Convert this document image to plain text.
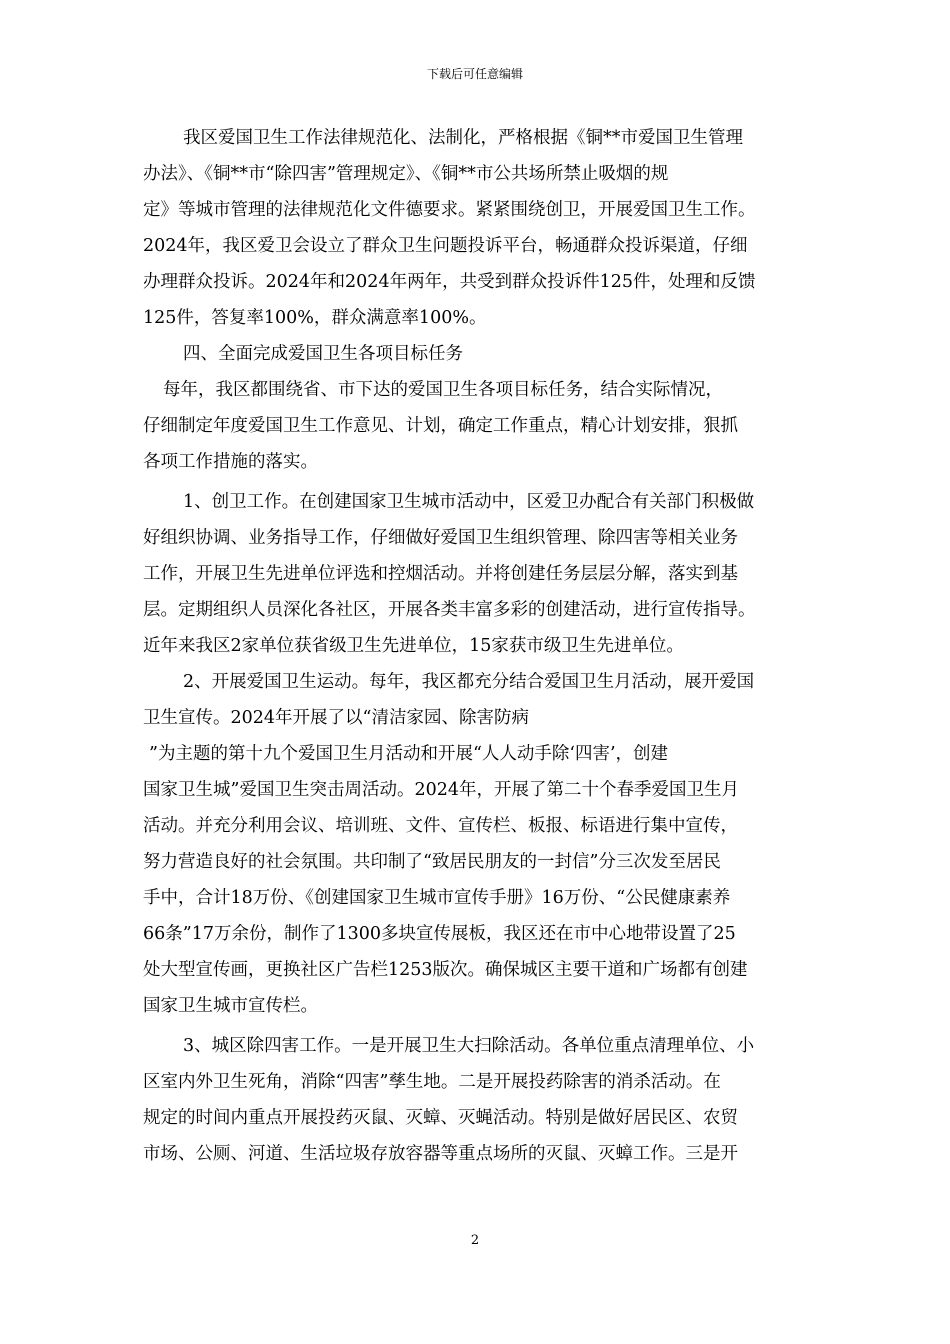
下载后可任意编辑
我区爱国卫生工作法律规范化、法制化，严格根据《铜**市爱国卫生管理
办法》、《铜**市“除四害”管理规定》、《铜**市公共场所禁止吸烟的规
定》等城市管理的法律规范化文件德要求。紧紧围绕创卫，开展爱国卫生工作。
2024年，我区爱卫会设立了群众卫生问题投诉平台，畅通群众投诉渠道，仔细
办理群众投诉。2024年和2024年两年，共受到群众投诉件125件，处理和反馈
125件，答复率100%，群众满意率100%。
四、全面完成爱国卫生各项目标任务
每年，我区都围绕省、市下达的爱国卫生各项目标任务，结合实际情况，
仔细制定年度爱国卫生工作意见、计划，确定工作重点，精心计划安排，狠抓
各项工作措施的落实。
1、创卫工作。在创建国家卫生城市活动中，区爱卫办配合有关部门积极做
好组织协调、业务指导工作，仔细做好爱国卫生组织管理、除四害等相关业务
工作，开展卫生先进单位评选和控烟活动。并将创建任务层层分解，落实到基
层。定期组织人员深化各社区，开展各类丰富多彩的创建活动，进行宣传指导。
近年来我区2家单位获省级卫生先进单位，15家获市级卫生先进单位。
2、开展爱国卫生运动。每年，我区都充分结合爱国卫生月活动，展开爱国
卫生宣传。2024年开展了以“清洁家园、除害防病
”为主题的第十九个爱国卫生月活动和开展“人人动手除‘四害’，创建
国家卫生城”爱国卫生突击周活动。2024年，开展了第二十个春季爱国卫生月
活动。并充分利用会议、培训班、文件、宣传栏、板报、标语进行集中宣传，
努力营造良好的社会氛围。共印制了“致居民朋友的一封信”分三次发至居民
手中，合计18万份、《创建国家卫生城市宣传手册》16万份、“公民健康素养
66条”17万余份，制作了1300多块宣传展板，我区还在市中心地带设置了25
处大型宣传画，更换社区广告栏1253版次。确保城区主要干道和广场都有创建
国家卫生城市宣传栏。
3、城区除四害工作。一是开展卫生大扫除活动。各单位重点清理单位、小
区室内外卫生死角，消除“四害”孳生地。二是开展投药除害的消杀活动。在
规定的时间内重点开展投药灭鼠、灭蟑、灭蝇活动。特别是做好居民区、农贸
市场、公厕、河道、生活垃圾存放容器等重点场所的灭鼠、灭蟑工作。三是开
2
